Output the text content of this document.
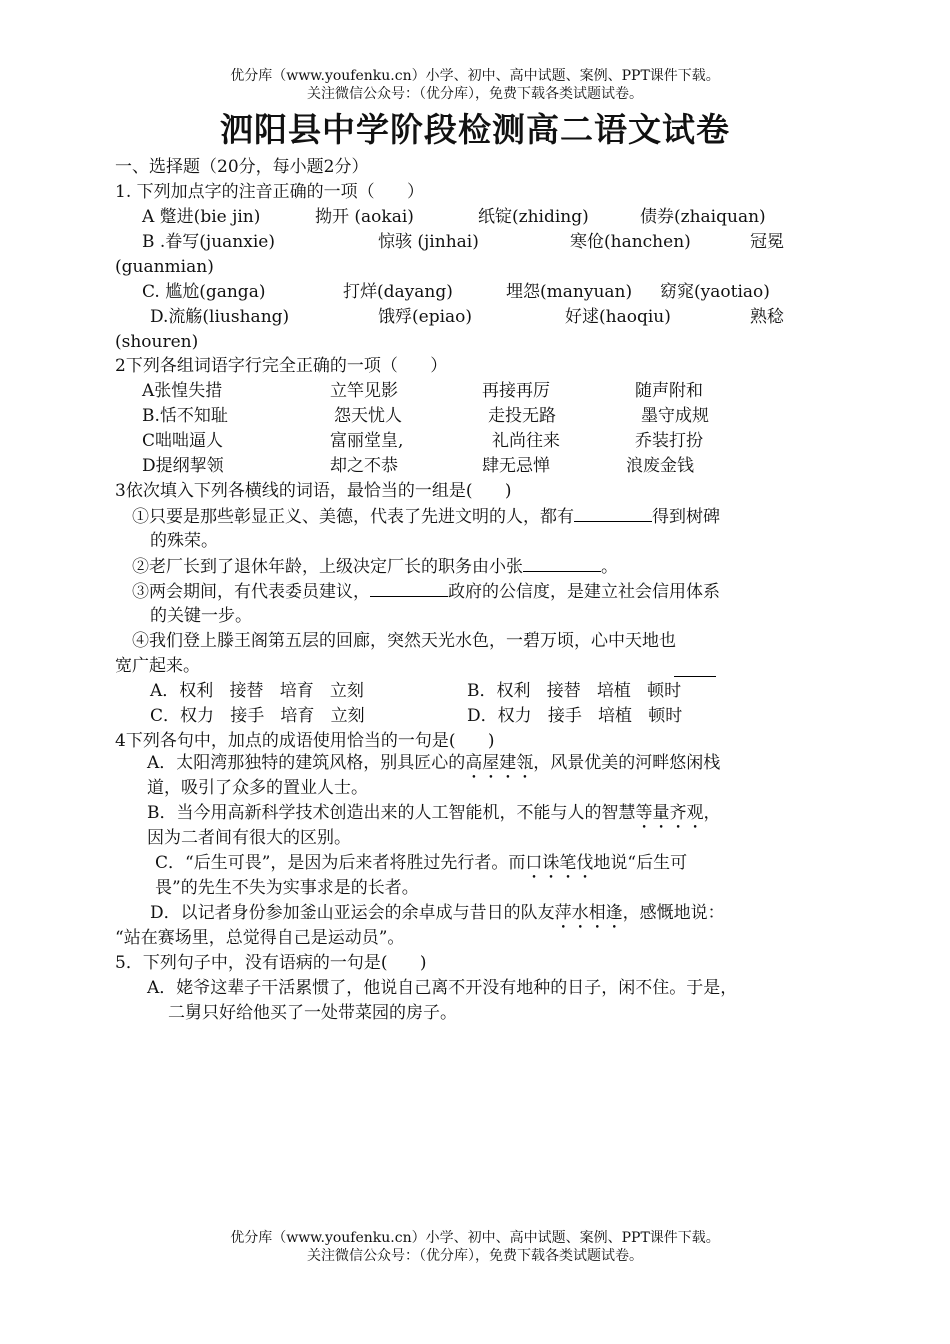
优分库（www.youfenku.cn）小学、初中、高中试题、案例、PPT课件下载。
关注微信公众号：（优分库），免费下载各类试题试卷。
泗阳县中学阶段检测高二语文试卷
一、选择题（20分，每小题2分）
1. 下列加点字的注音正确的一项（      ）
A 蹩进(bie jin)	拗开 (aokai)	纸锭(zhiding)	债券(zhaiquan)
B .眷写(juanxie)	惊骇 (jinhai)	寒伧(hanchen)	冠冕
(guanmian)
C. 尴尬(ganga)	打烊(dayang)	埋怨(manyuan) 窈窕(yaotiao)
D.流觞(liushang)	饿殍(epiao)	好逑(haoqiu)	熟稔
(shouren)
2下列各组词语字行完全正确的一项（      ）
A张惶失措	立竿见影	再接再厉	随声附和
B.恬不知耻	怨天忧人	走投无路	墨守成规
C咄咄逼人	富丽堂皇,	礼尚往来	乔装打扮
D提纲挈领	却之不恭	肆无忌惮	浪废金钱
3依次填入下列各横线的词语，最恰当的一组是(      )
①只要是那些彰显正义、美德，代表了先进文明的人，都有	得到树碑
的殊荣。
②老厂长到了退休年龄，上级决定厂长的职务由小张	。
③两会期间，有代表委员建议，	政府的公信度，是建立社会信用体系
的关键一步。
④我们登上滕王阁第五层的回廊，突然天光水色，一碧万顷，心中天地也
宽广起来。
A．权利   接替   培育   立刻	B．权利   接替   培植   顿时
C．权力   接手   培育   立刻	D．权力   接手   培植   顿时
4下列各句中，加点的成语使用恰当的一句是(      )
A．太阳湾那独特的建筑风格，别具匠心的高屋建瓴，风景优美的河畔悠闲栈
道，吸引了众多的置业人士。
B．当今用高新科学技术创造出来的人工智能机，不能与人的智慧等量齐观，
因为二者间有很大的区别。
C．“后生可畏”，是因为后来者将胜过先行者。而口诛笔伐地说“后生可
畏”的先生不失为实事求是的长者。
D．以记者身份参加釜山亚运会的余卓成与昔日的队友萍水相逢，感慨地说：
“站在赛场里，总觉得自己是运动员”。
5．下列句子中，没有语病的一句是(      )
A．姥爷这辈子干活累惯了，他说自己离不开没有地种的日子，闲不住。于是，
二舅只好给他买了一处带菜园的房子。
优分库（www.youfenku.cn）小学、初中、高中试题、案例、PPT课件下载。
关注微信公众号：（优分库），免费下载各类试题试卷。
